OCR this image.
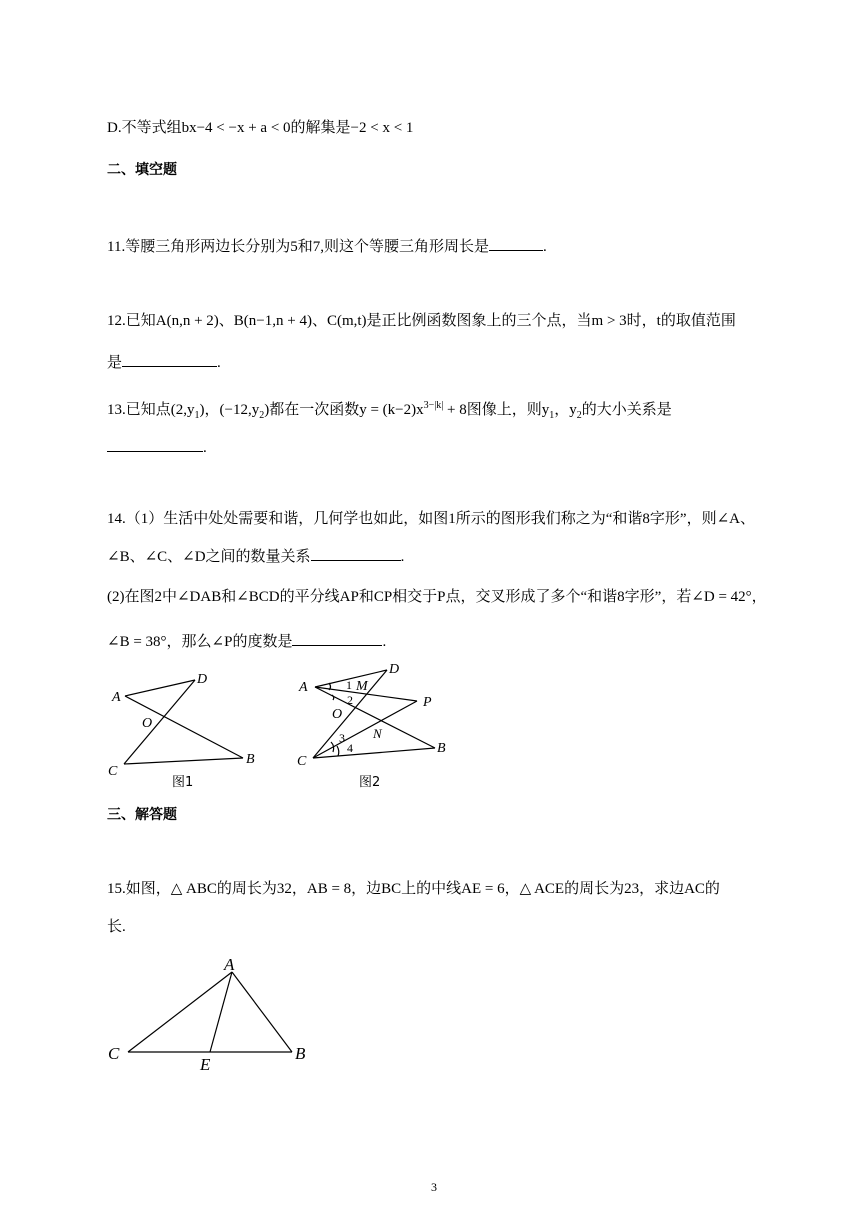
D.不等式组bx−4 < −x + a < 0的解集是−2 < x < 1
二、填空题
11.等腰三角形两边长分别为5和7,则这个等腰三角形周长是	.
12.已知A(n,n + 2)、B(n−1,n + 4)、C(m,t)是正比例函数图象上的三个点，当m > 3时，t的取值范围
是	.
13.已知点$(2,y_1)$，$(-12,y_2)$都在一次函数$y = (k-2)x^{3-|k|} + 8$图像上，则$y_1$，$y_2$的大小关系是
.
14.（1）生活中处处需要和谐，几何学也如此，如图1所示的图形我们称之为“和谐8字形”，则∠A、
∠B、∠C、∠D之间的数量关系	.
(2)在图2中∠DAB和∠BCD的平分线AP和CP相交于P点，交叉形成了多个“和谐8字形”，若∠D = 42°，
∠B = 38°，那么∠P的度数是	.
A
D
O
C
B
图1
A
D
1 M
2
O
P
N
3
4	B
C
图2
三、解答题
15.如图，△ ABC的周长为32，AB = 8，边BC上的中线AE = 6，△ ACE的周长为23，求边AC的
长.
A
C	B
E
3
